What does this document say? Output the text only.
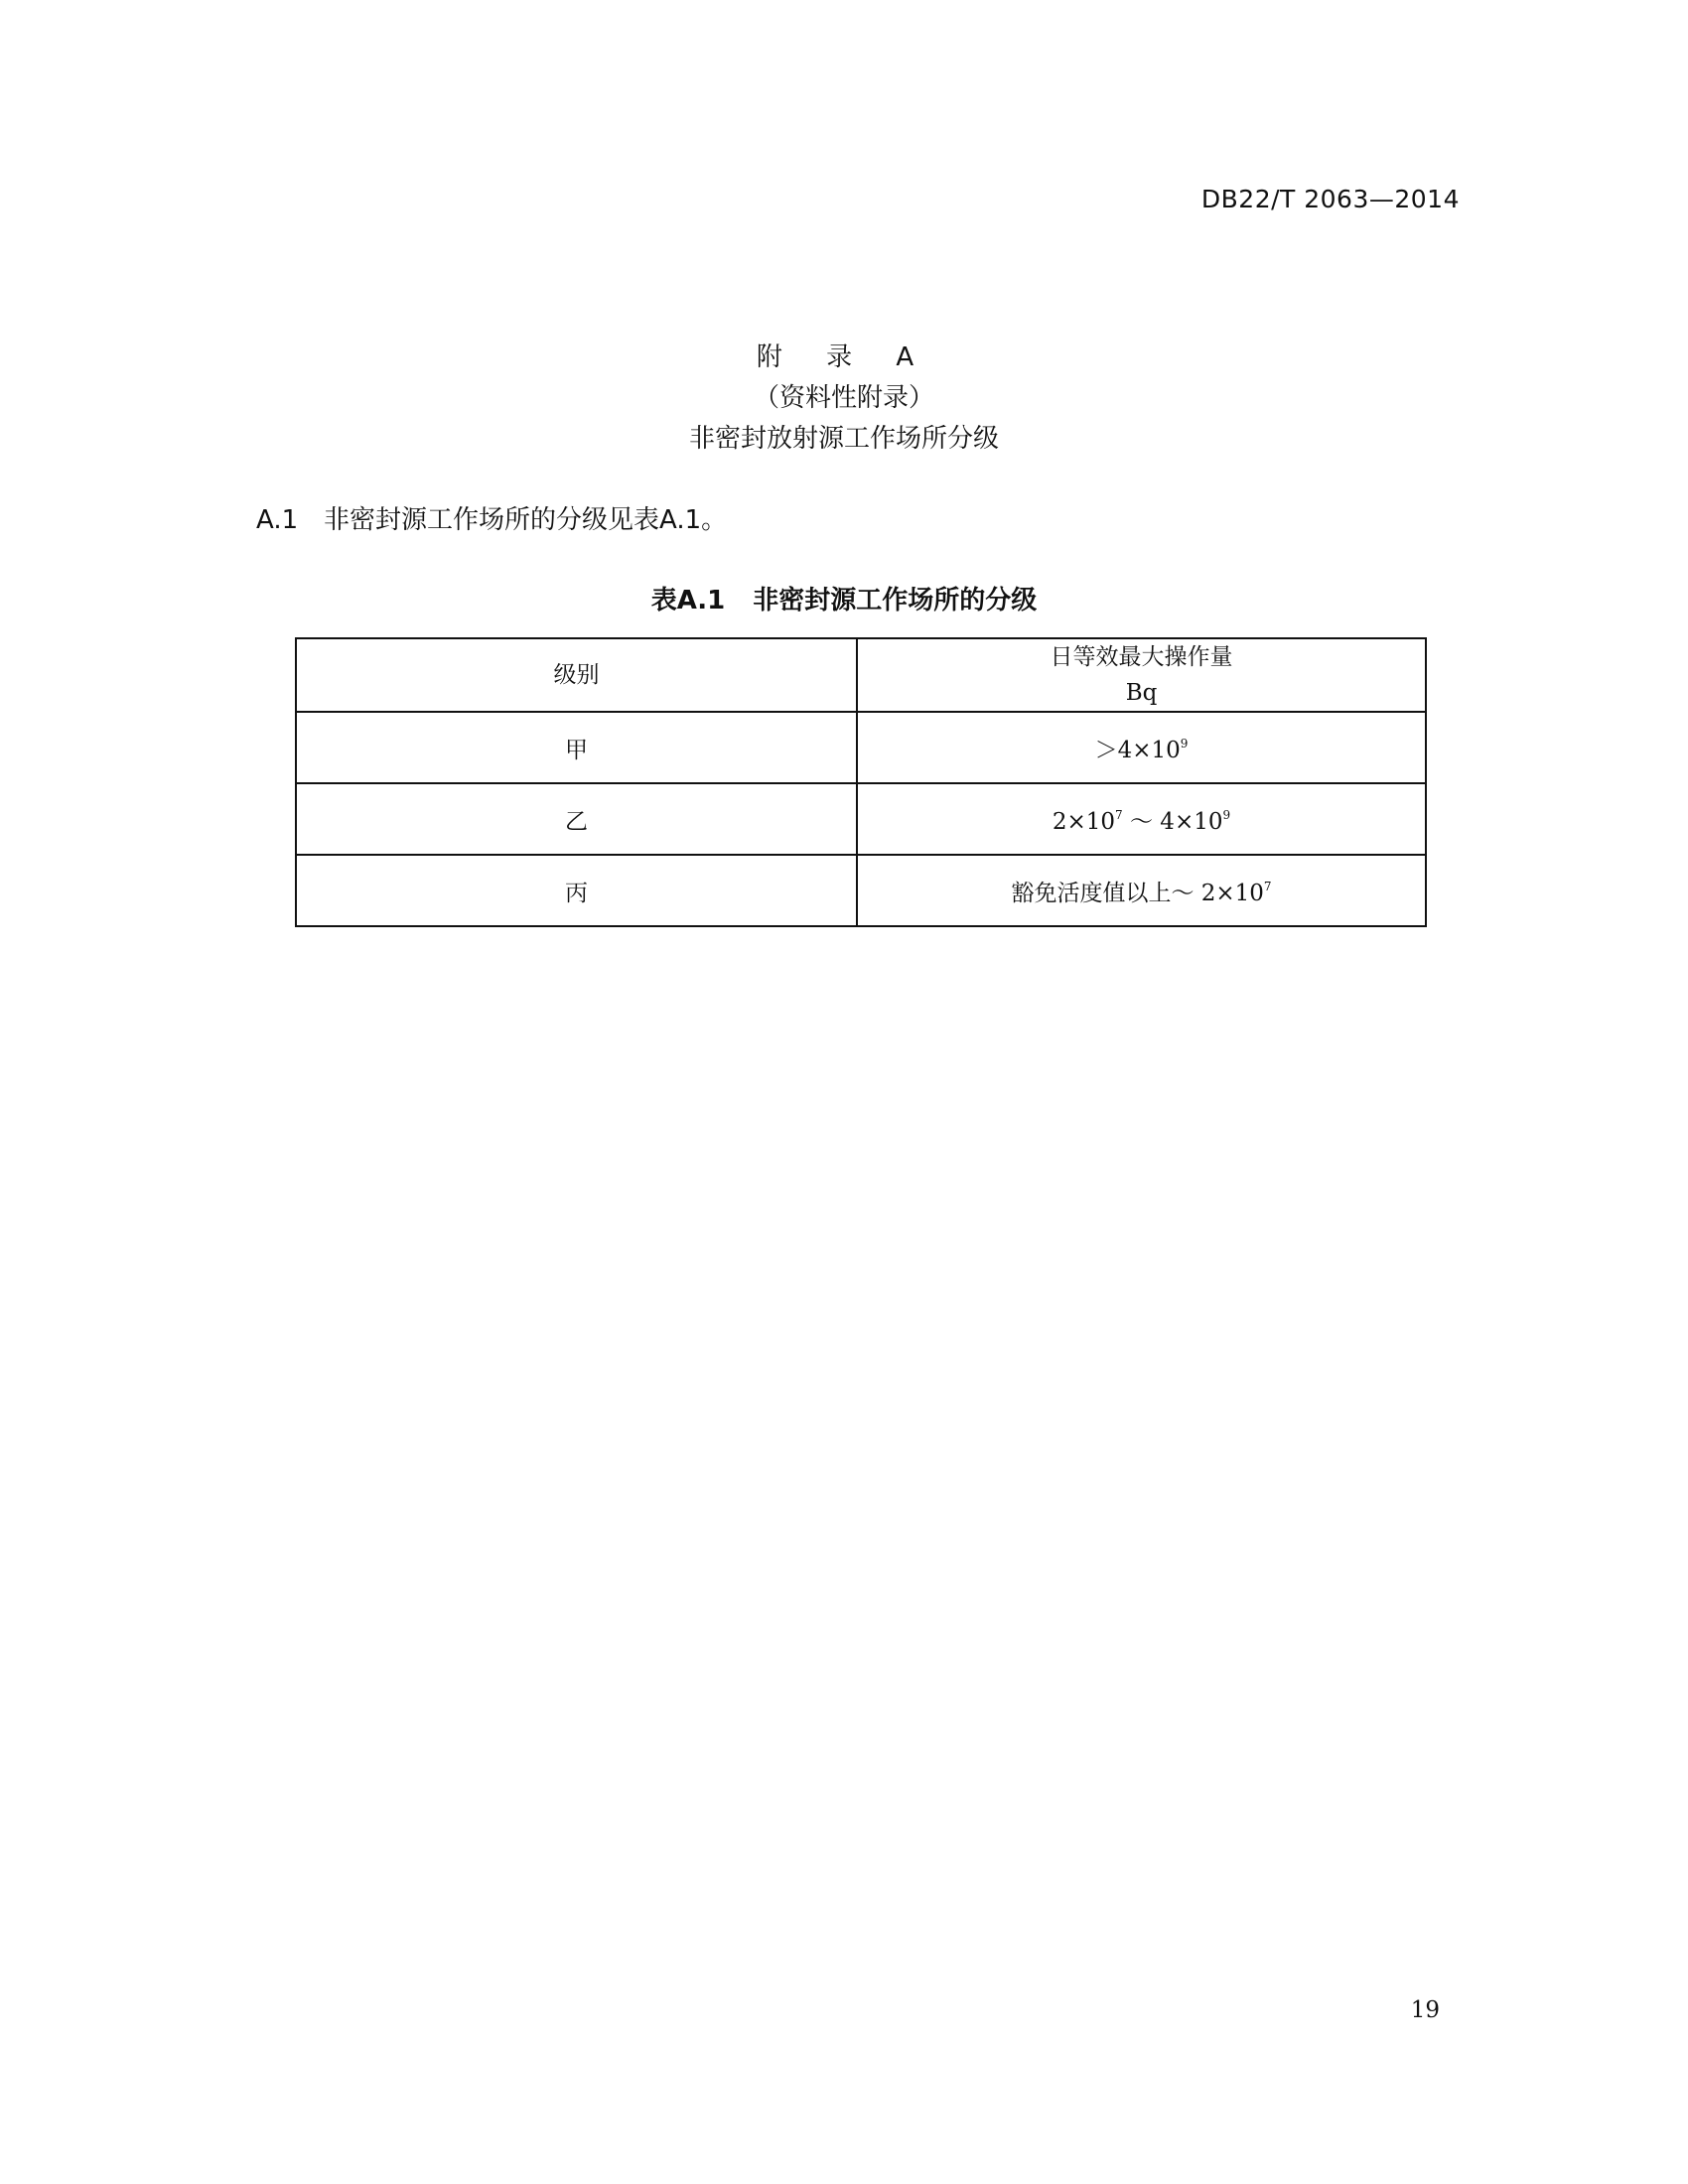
DB22/T 2063—2014
附 录 A
（资料性附录）
非密封放射源工作场所分级
A.1 非密封源工作场所的分级见表A.1。
表A.1 非密封源工作场所的分级
级别	日等效最大操作量
Bq
甲	$>4\times 10^9$
乙	$2\times 10^7$ ～ $4\times 10^9$
丙	豁免活度值以上～ $2\times 10^7$
19
